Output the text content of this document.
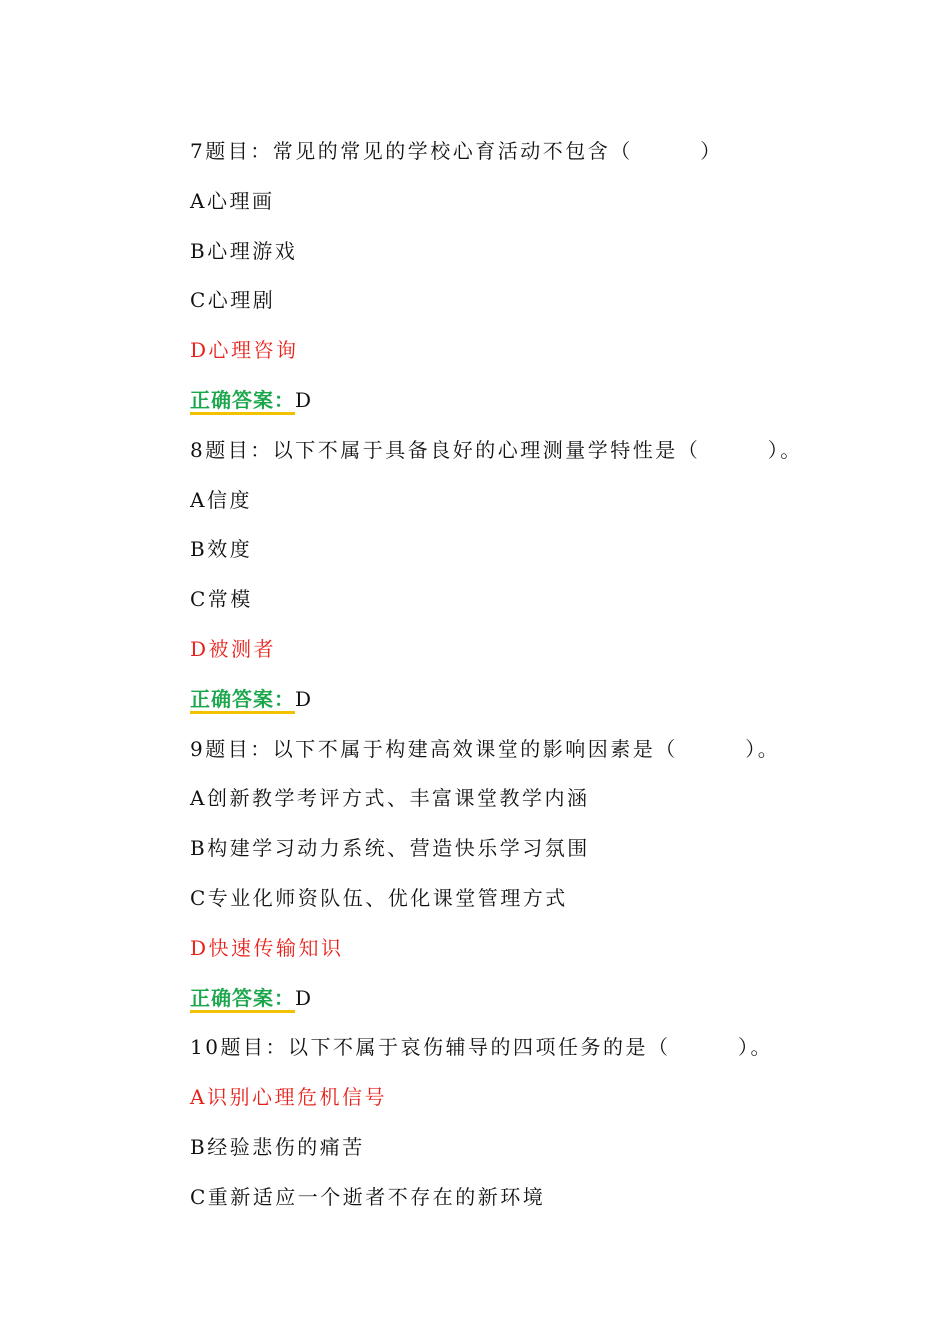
7题目：常见的常见的学校心育活动不包含（　　　）
A心理画
B心理游戏
C心理剧
D心理咨询
正确答案：D
8题目：以下不属于具备良好的心理测量学特性是（　　　）。
A信度
B效度
C常模
D被测者
正确答案：D
9题目：以下不属于构建高效课堂的影响因素是（　　　）。
A创新教学考评方式、丰富课堂教学内涵
B构建学习动力系统、营造快乐学习氛围
C专业化师资队伍、优化课堂管理方式
D快速传输知识
正确答案：D
10题目：以下不属于哀伤辅导的四项任务的是（　　　）。
A识别心理危机信号
B经验悲伤的痛苦
C重新适应一个逝者不存在的新环境
